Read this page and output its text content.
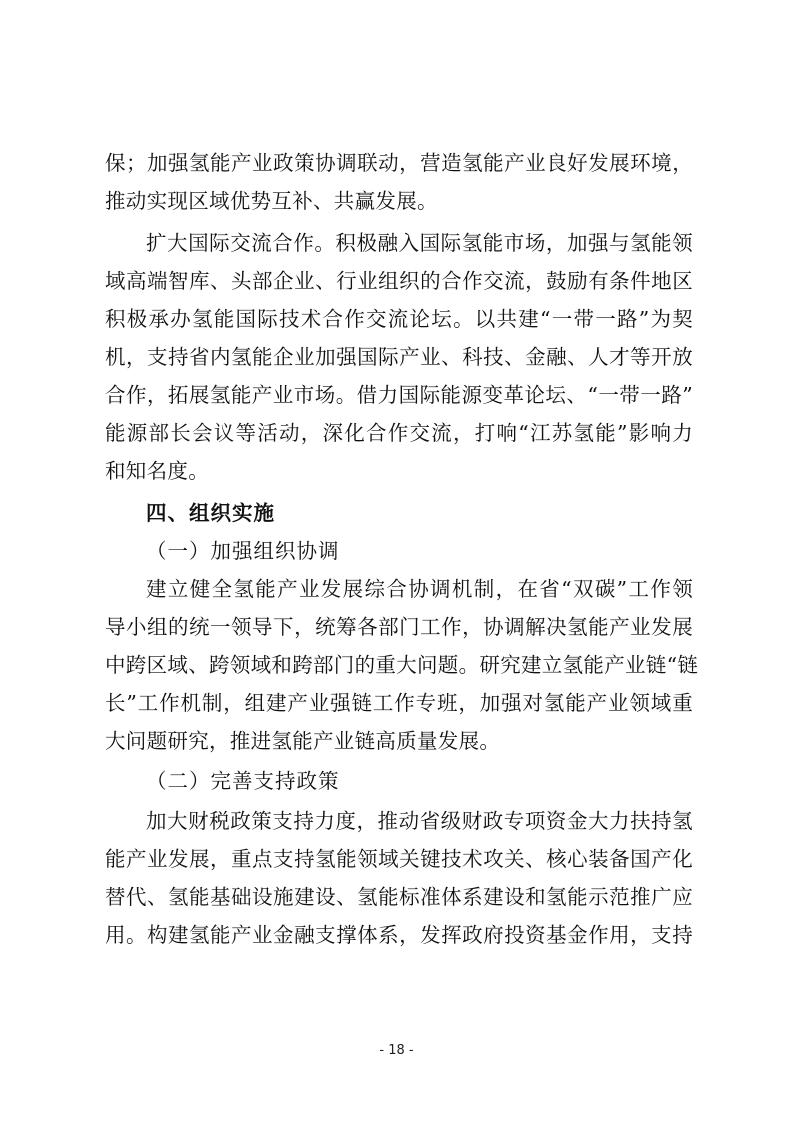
保；加强氢能产业政策协调联动，营造氢能产业良好发展环境，
推动实现区域优势互补、共赢发展。
扩大国际交流合作。积极融入国际氢能市场，加强与氢能领
域高端智库、头部企业、行业组织的合作交流，鼓励有条件地区
积极承办氢能国际技术合作交流论坛。以共建“一带一路”为契
机，支持省内氢能企业加强国际产业、科技、金融、人才等开放
合作，拓展氢能产业市场。借力国际能源变革论坛、“一带一路”
能源部长会议等活动，深化合作交流，打响“江苏氢能”影响力
和知名度。
四、组织实施
（一）加强组织协调
建立健全氢能产业发展综合协调机制，在省“双碳”工作领
导小组的统一领导下，统筹各部门工作，协调解决氢能产业发展
中跨区域、跨领域和跨部门的重大问题。研究建立氢能产业链“链
长”工作机制，组建产业强链工作专班，加强对氢能产业领域重
大问题研究，推进氢能产业链高质量发展。
（二）完善支持政策
加大财税政策支持力度，推动省级财政专项资金大力扶持氢
能产业发展，重点支持氢能领域关键技术攻关、核心装备国产化
替代、氢能基础设施建设、氢能标准体系建设和氢能示范推广应
用。构建氢能产业金融支撑体系，发挥政府投资基金作用，支持
- 18 -
